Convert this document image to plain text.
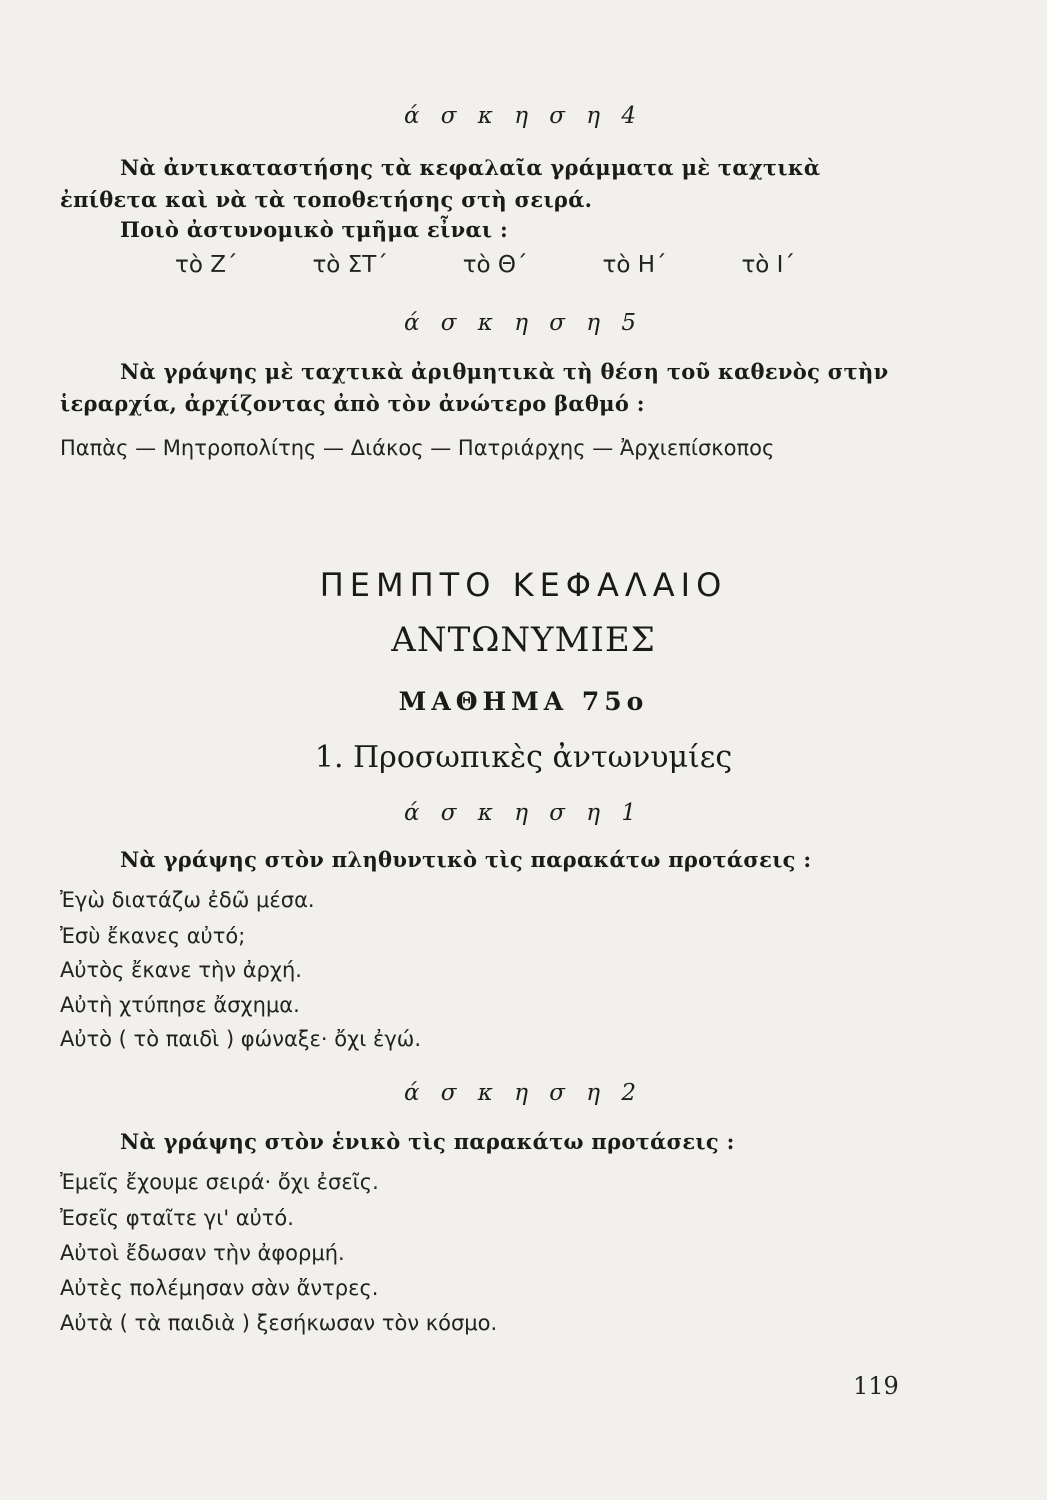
ά σ κ η σ η 4
Νὰ ἀντικαταστήσης τὰ κεφαλαῖα γράμματα μὲ ταχτικὰ ἐπίθετα καὶ νὰ τὰ τοποθετήσης στὴ σειρά.
Ποιὸ ἀστυνομικὸ τμῆμα εἶναι :
τὸ Ζ΄	τὸ ΣΤ΄	τὸ Θ΄	τὸ Η΄	τὸ Ι΄
ά σ κ η σ η 5
Νὰ γράψης μὲ ταχτικὰ ἀριθμητικὰ τὴ θέση τοῦ καθενὸς στὴν ἱεραρχία, ἀρχίζοντας ἀπὸ τὸν ἀνώτερο βαθμό :
Παπὰς — Μητροπολίτης — Διάκος — Πατριάρχης — Ἀρχιεπίσκοπος
ΠΕΜΠΤΟ ΚΕΦΑΛΑΙΟ
ΑΝΤΩΝΥΜΙΕΣ
ΜΑΘΗΜΑ 75ο
1. Προσωπικὲς ἀντωνυμίες
ά σ κ η σ η 1
Νὰ γράψης στὸν πληθυντικὸ τὶς παρακάτω προτάσεις :
Ἐγὼ διατάζω ἐδῶ μέσα.
Ἐσὺ ἔκανες αὐτό;
Αὐτὸς ἔκανε τὴν ἀρχή.
Αὐτὴ χτύπησε ἄσχημα.
Αὐτὸ ( τὸ παιδὶ ) φώναξε· ὄχι ἐγώ.
ά σ κ η σ η 2
Νὰ γράψης στὸν ἑνικὸ τὶς παρακάτω προτάσεις :
Ἐμεῖς ἔχουμε σειρά· ὄχι ἐσεῖς.
Ἐσεῖς φταῖτε γι' αὐτό.
Αὐτοὶ ἔδωσαν τὴν ἀφορμή.
Αὐτὲς πολέμησαν σὰν ἄντρες.
Αὐτὰ ( τὰ παιδιὰ ) ξεσήκωσαν τὸν κόσμο.
119
